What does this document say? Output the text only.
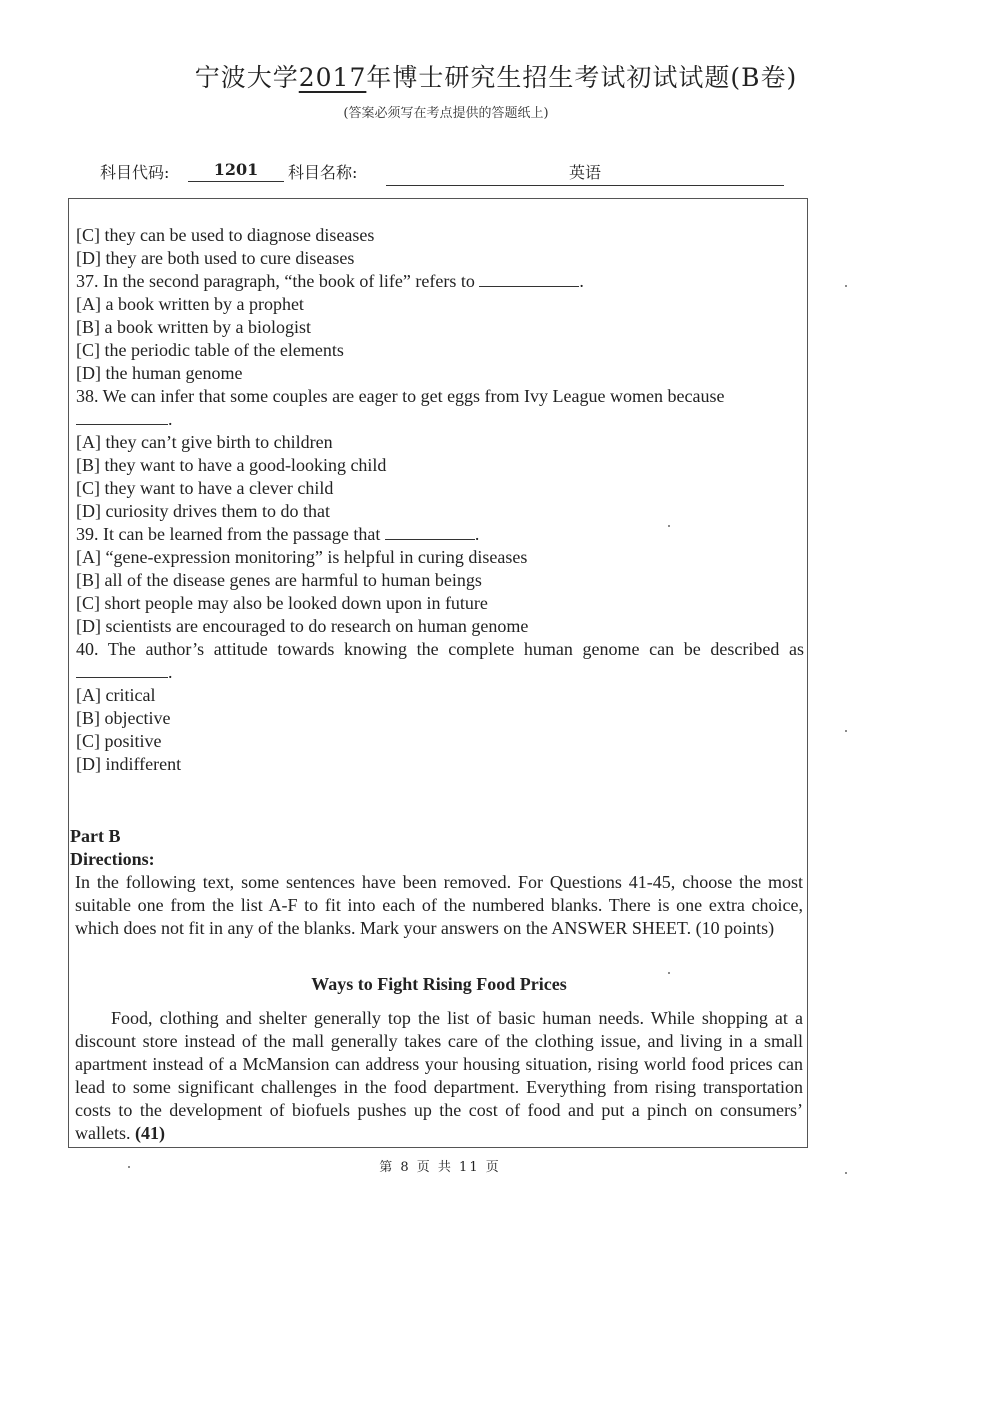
宁波大学2017年博士研究生招生考试初试试题(B卷)
(答案必须写在考点提供的答题纸上)
科目代码:	1201	科目名称:	英语
[C] they can be used to diagnose diseases
[D] they are both used to cure diseases
37. In the second paragraph, “the book of life” refers to	.
[A] a book written by a prophet
[B] a book written by a biologist
[C] the periodic table of the elements
[D] the human genome
38. We can infer that some couples are eager to get eggs from Ivy League women because
.
[A] they can’t give birth to children
[B] they want to have a good-looking child
[C] they want to have a clever child
[D] curiosity drives them to do that
39. It can be learned from the passage that	.
[A] “gene-expression monitoring” is helpful in curing diseases
[B] all of the disease genes are harmful to human beings
[C] short people may also be looked down upon in future
[D] scientists are encouraged to do research on human genome
40. The author’s attitude towards knowing the complete human genome can be described as .
[A] critical
[B] objective
[C] positive
[D] indifferent
Part B
Directions:
In the following text, some sentences have been removed. For Questions 41-45, choose the most suitable one from the list A-F to fit into each of the numbered blanks. There is one extra choice, which does not fit in any of the blanks. Mark your answers on the ANSWER SHEET. (10 points)
Ways to Fight Rising Food Prices
Food, clothing and shelter generally top the list of basic human needs. While shopping at a discount store instead of the mall generally takes care of the clothing issue, and living in a small apartment instead of a McMansion can address your housing situation, rising world food prices can lead to some significant challenges in the food department. Everything from rising transportation costs to the development of biofuels pushes up the cost of food and put a pinch on consumers’ wallets. (41)
第 8 页 共 11 页
